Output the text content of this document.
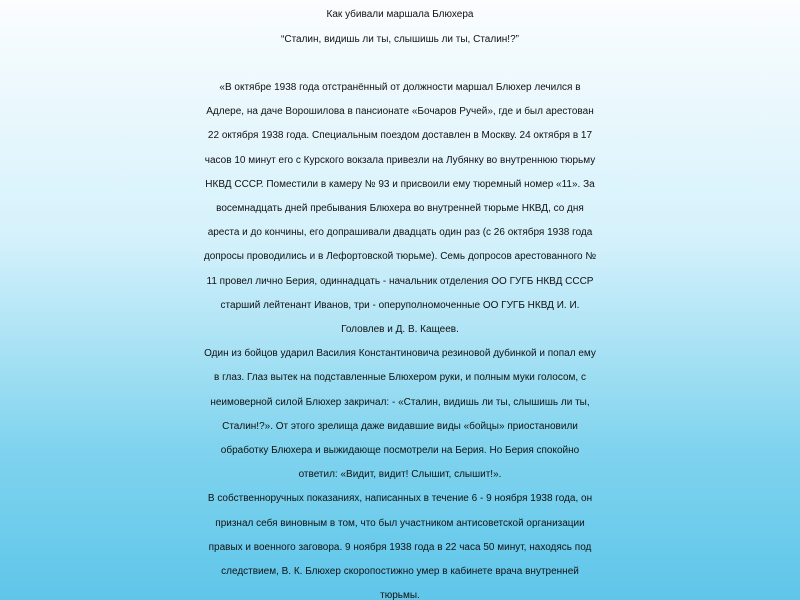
Как убивали маршала Блюхера
“Сталин, видишь ли ты, слышишь ли ты, Сталин!?”
«В октябре 1938 года отстранённый от должности маршал Блюхер лечился в
Адлере, на даче Ворошилова в пансионате «Бочаров Ручей», где и был арестован
22 октября 1938 года. Специальным поездом доставлен в Москву. 24 октября в 17
часов 10 минут его с Курского вокзала привезли на Лубянку во внутреннюю тюрьму
НКВД СССР. Поместили в камеру № 93 и присвоили ему тюремный номер «11». За
восемнадцать дней пребывания Блюхера во внутренней тюрьме НКВД, со дня
ареста и до кончины, его допрашивали двадцать один раз (с 26 октября 1938 года
допросы проводились и в Лефортовской тюрьме). Семь допросов арестованного №
11 провел лично Берия, одиннадцать - начальник отделения ОО ГУГБ НКВД СССР
старший лейтенант Иванов, три - оперуполномоченные ОО ГУГБ НКВД И. И.
Головлев и Д. В. Кащеев.
Один из бойцов ударил Василия Константиновича резиновой дубинкой и попал ему
в глаз. Глаз вытек на подставленные Блюхером руки, и полным муки голосом, с
неимоверной силой Блюхер закричал: - «Сталин, видишь ли ты, слышишь ли ты,
Сталин!?». От этого зрелища даже видавшие виды «бойцы» приостановили
обработку Блюхера и выжидающе посмотрели на Берия. Но Берия спокойно
ответил: «Видит, видит! Слышит, слышит!».
В собственноручных показаниях, написанных в течение 6 - 9 ноября 1938 года, он
признал себя виновным в том, что был участником антисоветской организации
правых и военного заговора. 9 ноября 1938 года в 22 часа 50 минут, находясь под
следствием, В. К. Блюхер скоропостижно умер в кабинете врача внутренней
тюрьмы.
